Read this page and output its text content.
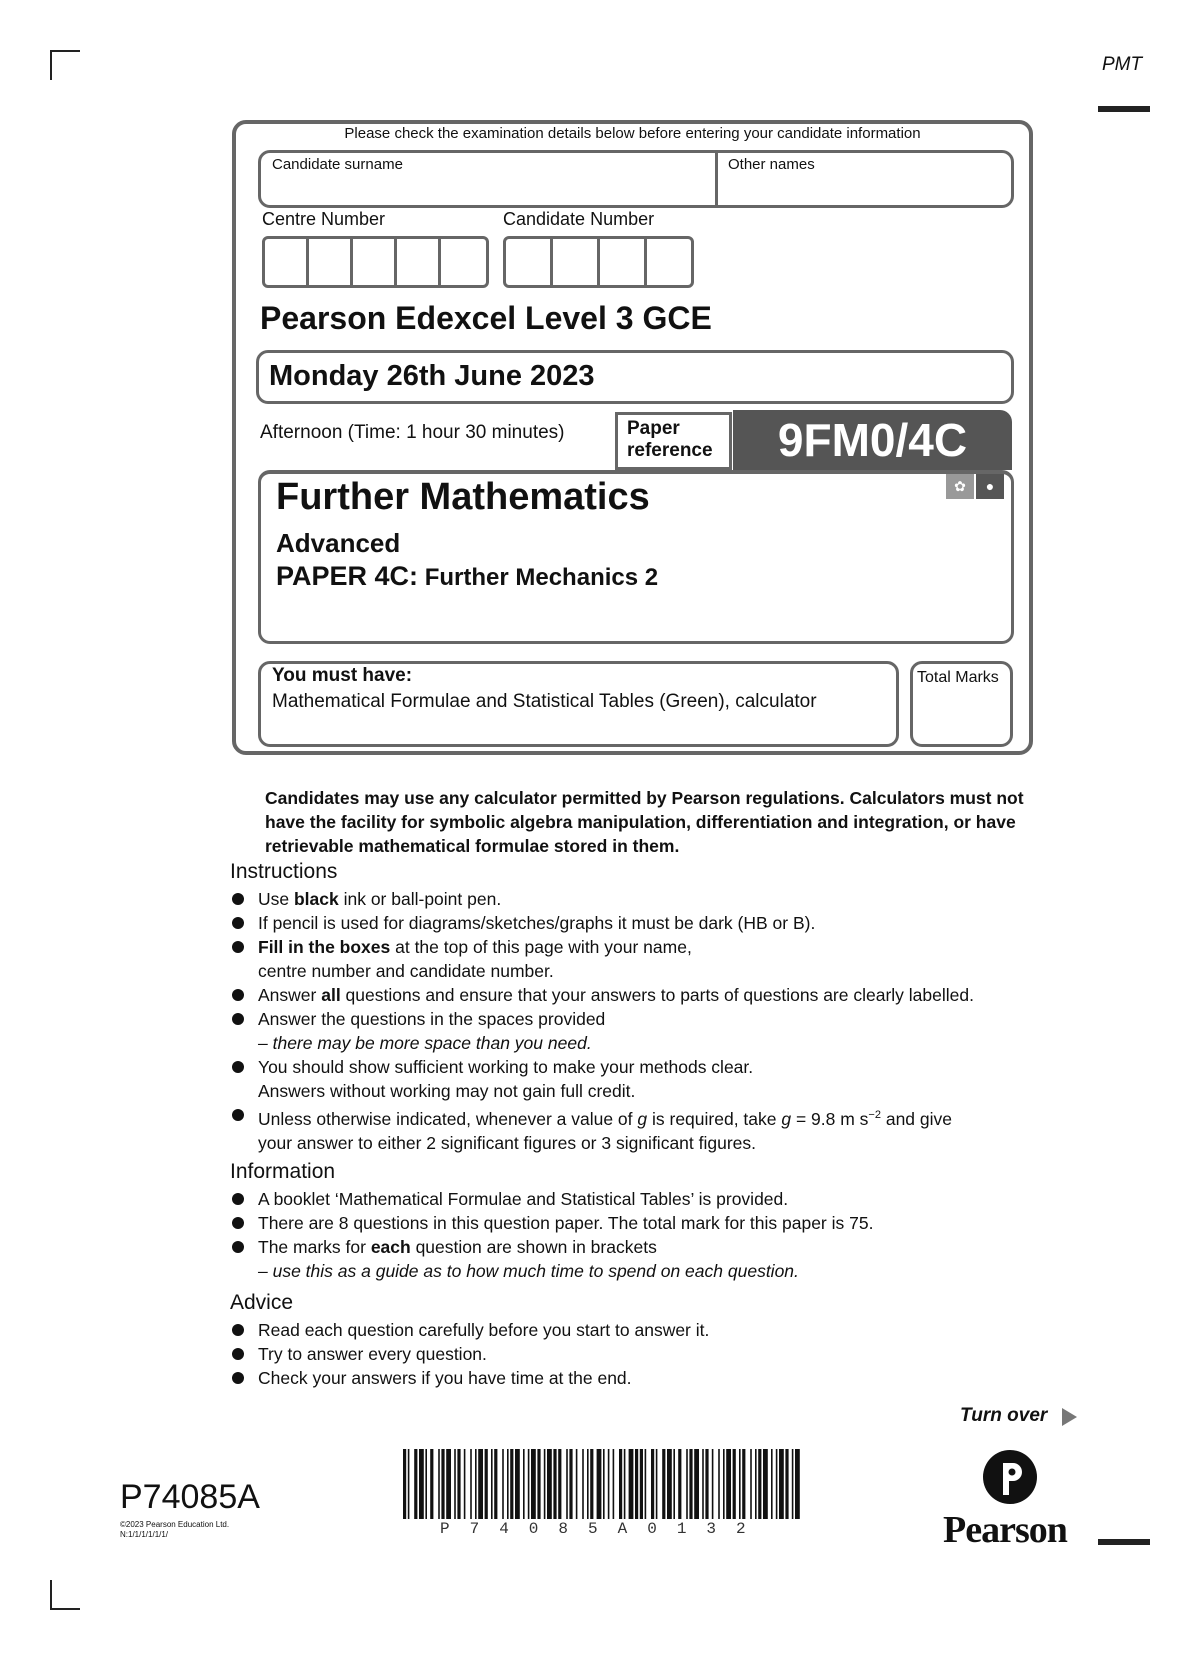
PMT
Please check the examination details below before entering your candidate information
Candidate surname	Other names
Centre Number	Candidate Number
Pearson Edexcel Level 3 GCE
Monday 26th June 2023
Afternoon (Time: 1 hour 30 minutes)	9FM0/4C
Paper
reference
✿	●
Further Mathematics
Advanced
PAPER 4C: Further Mechanics 2
You must have:
Mathematical Formulae and Statistical Tables (Green), calculator
Total Marks
Candidates may use any calculator permitted by Pearson regulations. Calculators must not have the facility for symbolic algebra manipulation, differentiation and integration, or have retrievable mathematical formulae stored in them.
Instructions
Use black ink or ball-point pen.
If pencil is used for diagrams/sketches/graphs it must be dark (HB or B).
Fill in the boxes at the top of this page with your name,
centre number and candidate number.
Answer all questions and ensure that your answers to parts of questions are clearly labelled.
Answer the questions in the spaces provided
– there may be more space than you need.
You should show sufficient working to make your methods clear.
Answers without working may not gain full credit.
Unless otherwise indicated, whenever a value of g is required, take g = 9.8 m $s^{-2}$ and give
your answer to either 2 significant figures or 3 significant figures.
Information
A booklet ‘Mathematical Formulae and Statistical Tables’ is provided.
There are 8 questions in this question paper. The total mark for this paper is 75.
The marks for each question are shown in brackets
– use this as a guide as to how much time to spend on each question.
Advice
Read each question carefully before you start to answer it.
Try to answer every question.
Check your answers if you have time at the end.
Turn over
P74085A
©2023 Pearson Education Ltd.
N:1/1/1/1/1/1/	P74085A0132	Pearson
